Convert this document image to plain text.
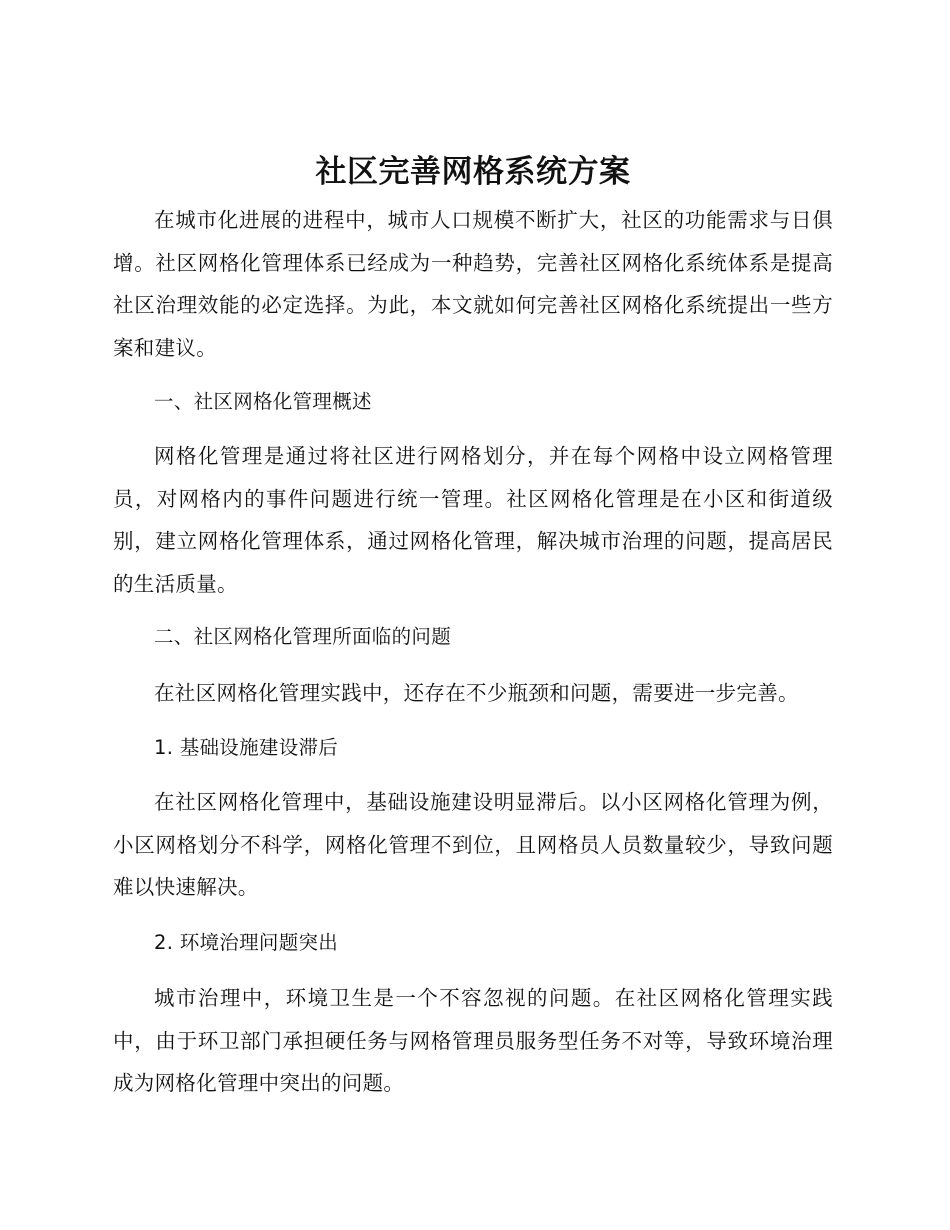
社区完善网格系统方案

在城市化进展的进程中，城市人口规模不断扩大，社区的功能需求与日俱增。社区网格化管理体系已经成为一种趋势，完善社区网格化系统体系是提高社区治理效能的必定选择。为此，本文就如何完善社区网格化系统提出一些方案和建议。

一、社区网格化管理概述

网格化管理是通过将社区进行网格划分，并在每个网格中设立网格管理员，对网格内的事件问题进行统一管理。社区网格化管理是在小区和街道级别，建立网格化管理体系，通过网格化管理，解决城市治理的问题，提高居民的生活质量。

二、社区网格化管理所面临的问题

在社区网格化管理实践中，还存在不少瓶颈和问题，需要进一步完善。

1. 基础设施建设滞后

在社区网格化管理中，基础设施建设明显滞后。以小区网格化管理为例，小区网格划分不科学，网格化管理不到位，且网格员人员数量较少，导致问题难以快速解决。

2. 环境治理问题突出

城市治理中，环境卫生是一个不容忽视的问题。在社区网格化管理实践中，由于环卫部门承担硬任务与网格管理员服务型任务不对等，导致环境治理成为网格化管理中突出的问题。
